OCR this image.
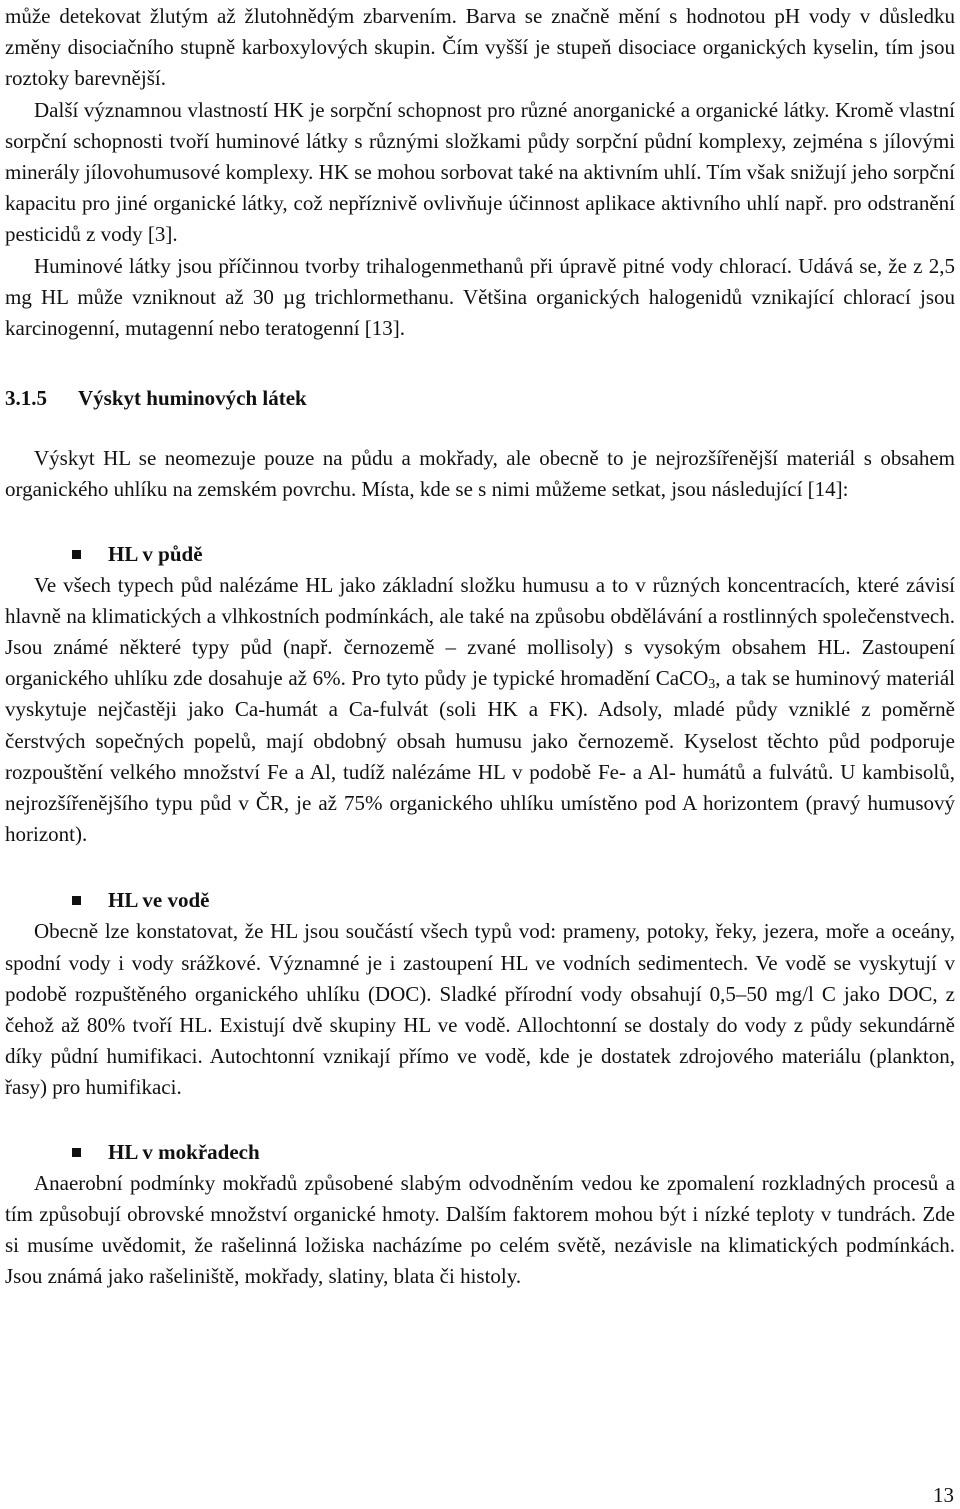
může detekovat žlutým až žlutohnědým zbarvením. Barva se značně mění s hodnotou pH vody v důsledku změny disociačního stupně karboxylových skupin. Čím vyšší je stupeň disociace organických kyselin, tím jsou roztoky barevnější.

Další významnou vlastností HK je sorpční schopnost pro různé anorganické a organické látky. Kromě vlastní sorpční schopnosti tvoří huminové látky s různými složkami půdy sorpční půdní komplexy, zejména s jílovými minerály jílovohumusové komplexy. HK se mohou sorbovat také na aktivním uhlí. Tím však snižují jeho sorpční kapacitu pro jiné organické látky, což nepříznivě ovlivňuje účinnost aplikace aktivního uhlí např. pro odstranění pesticidů z vody [3].

Huminové látky jsou příčinnou tvorby trihalogenmethanů při úpravě pitné vody chlorací. Udává se, že z 2,5 mg HL může vzniknout až 30 µg trichlormethanu. Většina organických halogenidů vznikající chlorací jsou karcinogenní, mutagenní nebo teratogenní [13].

3.1.5 Výskyt huminových látek

Výskyt HL se neomezuje pouze na půdu a mokřady, ale obecně to je nejrozšířenější materiál s obsahem organického uhlíku na zemském povrchu. Místa, kde se s nimi můžeme setkat, jsou následující [14]:

HL v půdě

Ve všech typech půd nalézáme HL jako základní složku humusu a to v různých koncentracích, které závisí hlavně na klimatických a vlhkostních podmínkách, ale také na způsobu obdělávání a rostlinných společenstvech. Jsou známé některé typy půd (např. černozemě – zvané mollisoly) s vysokým obsahem HL. Zastoupení organického uhlíku zde dosahuje až 6%. Pro tyto půdy je typické hromadění CaCO$_3$, a tak se huminový materiál vyskytuje nejčastěji jako Ca-humát a Ca-fulvát (soli HK a FK). Adsoly, mladé půdy vzniklé z poměrně čerstvých sopečných popelů, mají obdobný obsah humusu jako černozemě. Kyselost těchto půd podporuje rozpouštění velkého množství Fe a Al, tudíž nalézáme HL v podobě Fe- a Al- humátů a fulvátů. U kambisolů, nejrozšířenějšího typu půd v ČR, je až 75% organického uhlíku umístěno pod A horizontem (pravý humusový horizont).

HL ve vodě

Obecně lze konstatovat, že HL jsou součástí všech typů vod: prameny, potoky, řeky, jezera, moře a oceány, spodní vody i vody srážkové. Významné je i zastoupení HL ve vodních sedimentech. Ve vodě se vyskytují v podobě rozpuštěného organického uhlíku (DOC). Sladké přírodní vody obsahují 0,5–50 mg/l C jako DOC, z čehož až 80% tvoří HL. Existují dvě skupiny HL ve vodě. Allochtonní se dostaly do vody z půdy sekundárně díky půdní humifikaci. Autochtonní vznikají přímo ve vodě, kde je dostatek zdrojového materiálu (plankton, řasy) pro humifikaci.

HL v mokřadech

Anaerobní podmínky mokřadů způsobené slabým odvodněním vedou ke zpomalení rozkladných procesů a tím způsobují obrovské množství organické hmoty. Dalším faktorem mohou být i nízké teploty v tundrách. Zde si musíme uvědomit, že rašelinná ložiska nacházíme po celém světě, nezávisle na klimatických podmínkách. Jsou známá jako rašeliniště, mokřady, slatiny, blata či histoly.

13
